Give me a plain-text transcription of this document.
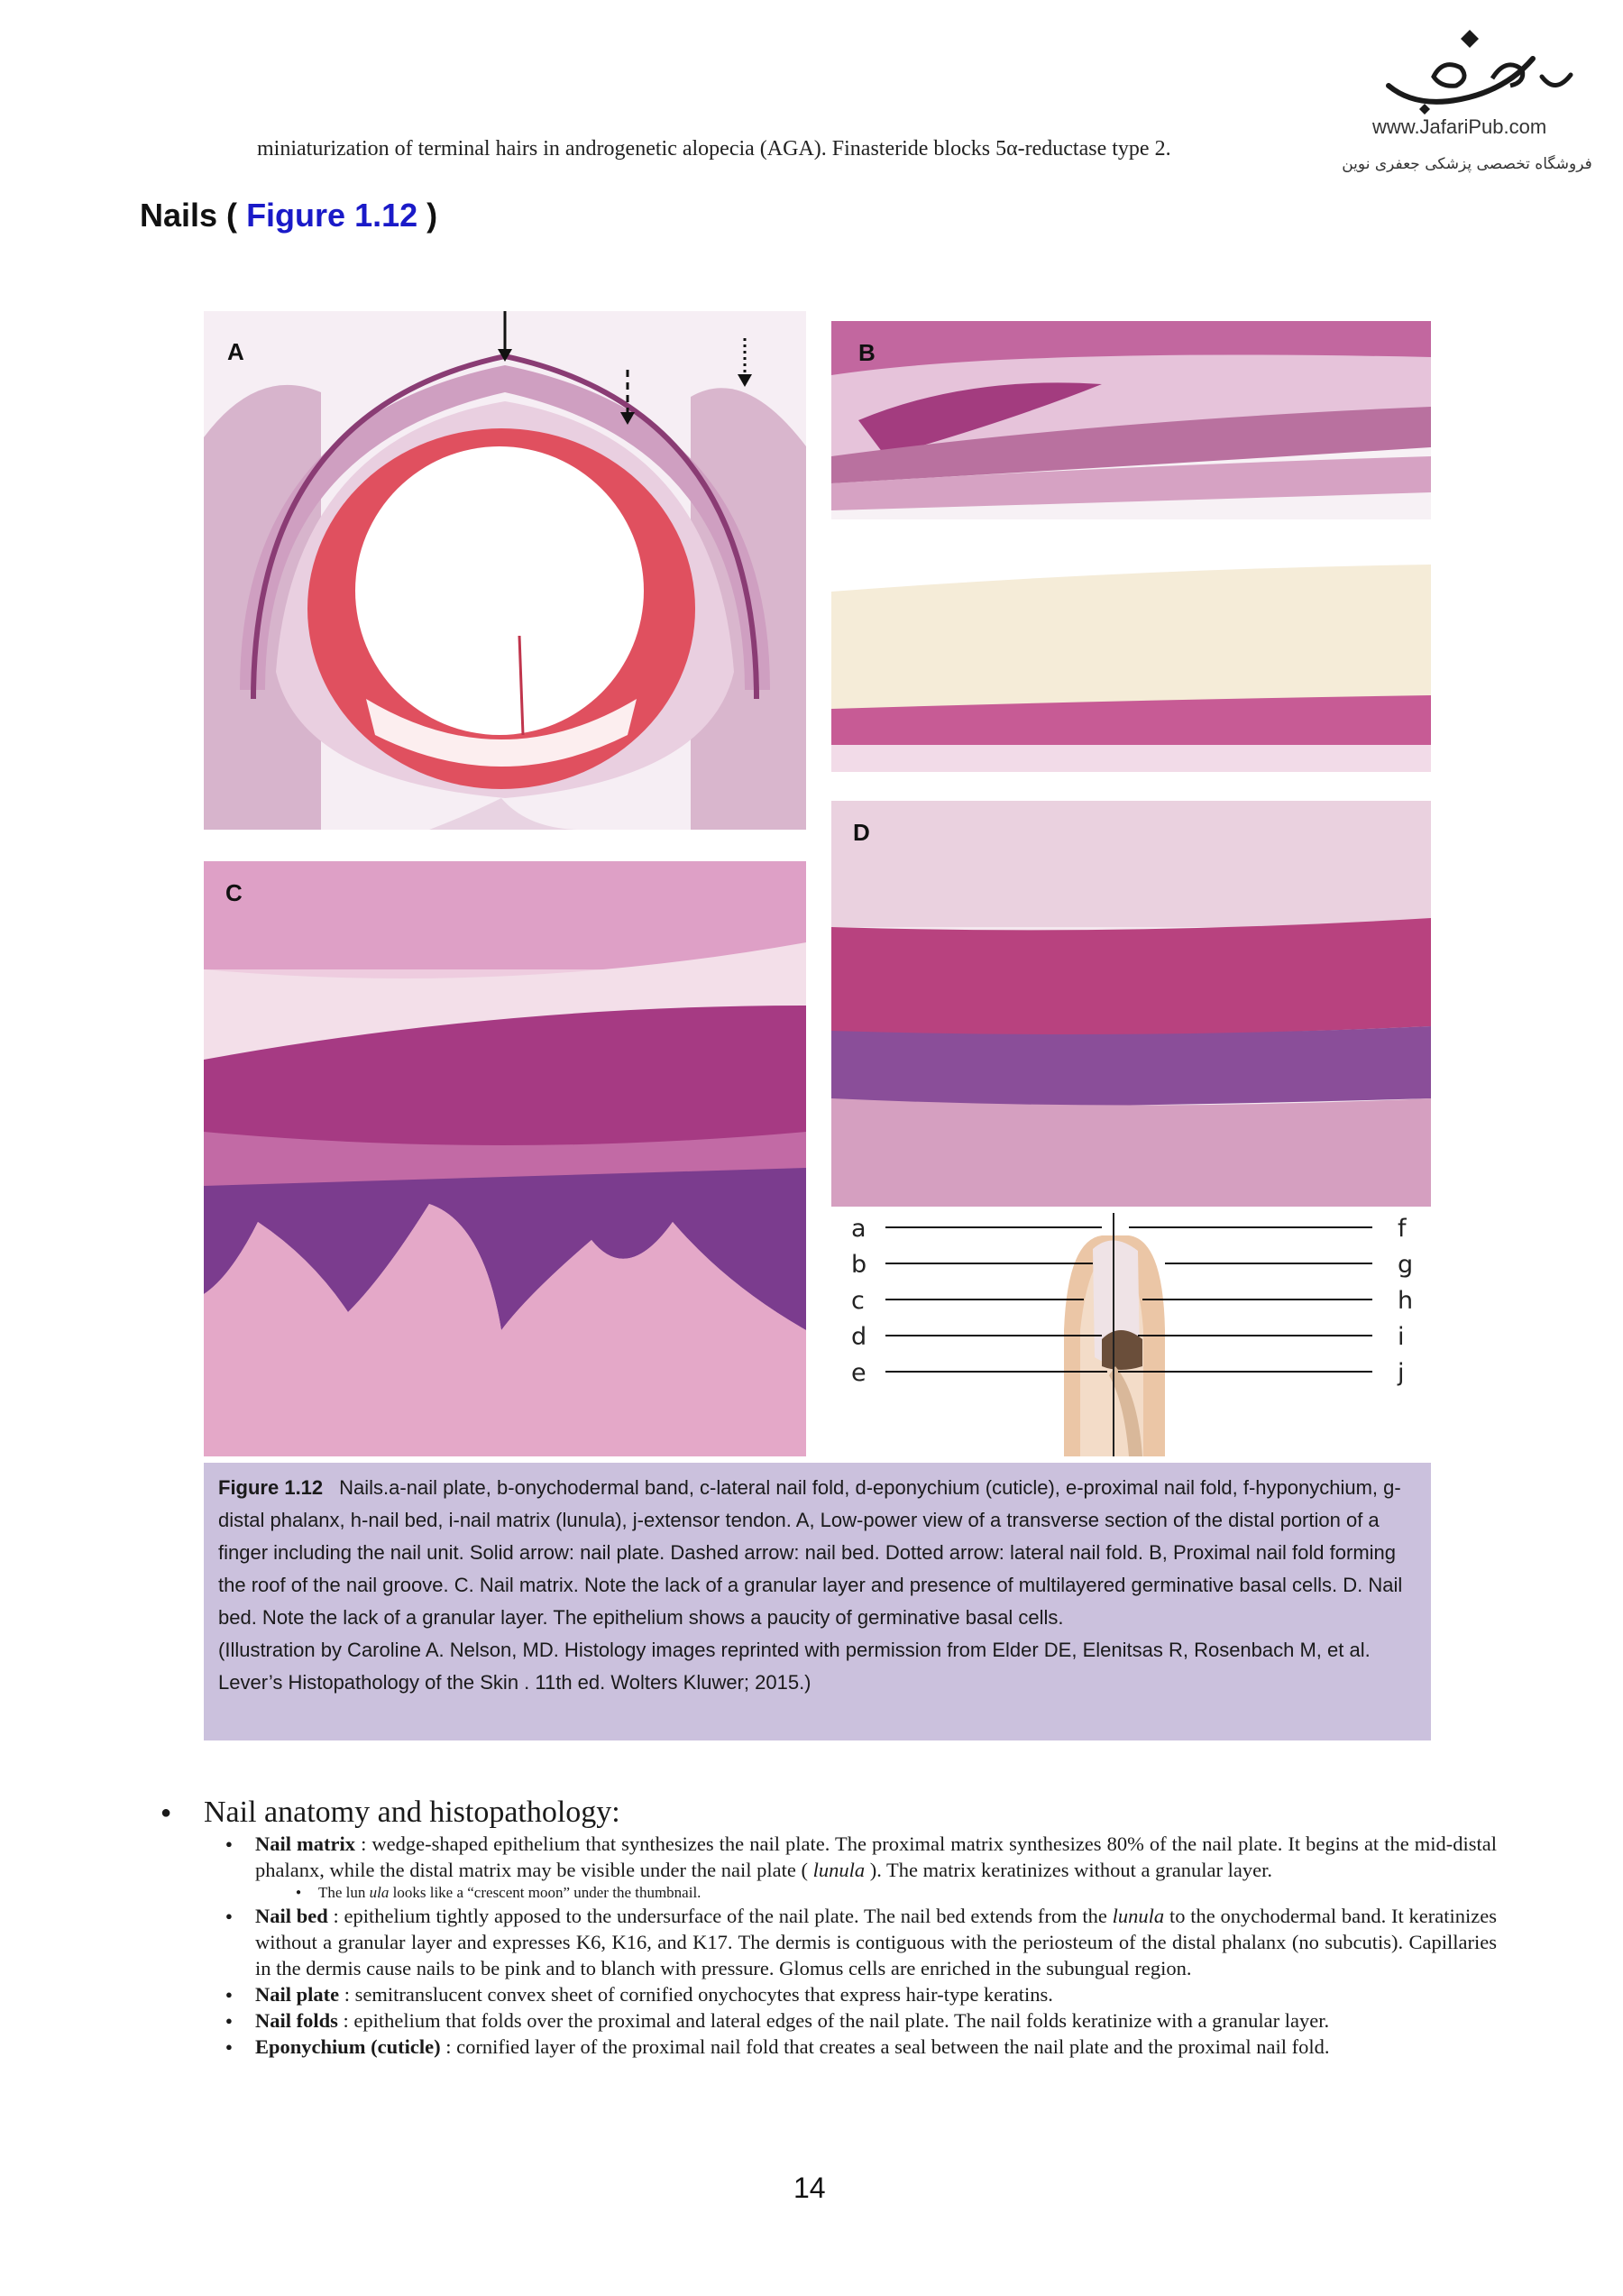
miniaturization of terminal hairs in androgenetic alopecia (AGA). Finasteride blocks 5α-reductase type 2.
www.JafariPub.com
فروشگاه تخصصی پزشکی جعفری نوین
Nails ( Figure 1.12 )
A	B
C
D
a
b
c
d
e
f
g
h
i
j
Figure 1.12 Nails.a-nail plate, b-onychodermal band, c-lateral nail fold, d-eponychium (cuticle), e-proximal nail fold, f-hyponychium, g-distal phalanx, h-nail bed, i-nail matrix (lunula), j-extensor tendon. A, Low-power view of a transverse section of the distal portion of a finger including the nail unit. Solid arrow: nail plate. Dashed arrow: nail bed. Dotted arrow: lateral nail fold. B, Proximal nail fold forming the roof of the nail groove. C. Nail matrix. Note the lack of a granular layer and presence of multilayered germinative basal cells. D. Nail bed. Note the lack of a granular layer. The epithelium shows a paucity of germinative basal cells.
(Illustration by Caroline A. Nelson, MD. Histology images reprinted with permission from Elder DE, Elenitsas R, Rosenbach M, et al. Lever’s Histopathology of the Skin . 11th ed. Wolters Kluwer; 2015.)
● Nail anatomy and histopathology:
● Nail matrix : wedge-shaped epithelium that synthesizes the nail plate. The proximal matrix synthesizes 80% of the nail plate. It begins at the mid-distal phalanx, while the distal matrix may be visible under the nail plate ( lunula ). The matrix keratinizes without a granular layer.
● The lun ula looks like a “crescent moon” under the thumbnail.
● Nail bed : epithelium tightly apposed to the undersurface of the nail plate. The nail bed extends from the lunula to the onychodermal band. It keratinizes without a granular layer and expresses K6, K16, and K17. The dermis is contiguous with the periosteum of the distal phalanx (no subcutis). Capillaries in the dermis cause nails to be pink and to blanch with pressure. Glomus cells are enriched in the subungual region.
● Nail plate : semitranslucent convex sheet of cornified onychocytes that express hair-type keratins.
● Nail folds : epithelium that folds over the proximal and lateral edges of the nail plate. The nail folds keratinize with a granular layer.
● Eponychium (cuticle) : cornified layer of the proximal nail fold that creates a seal between the nail plate and the proximal nail fold.
14
